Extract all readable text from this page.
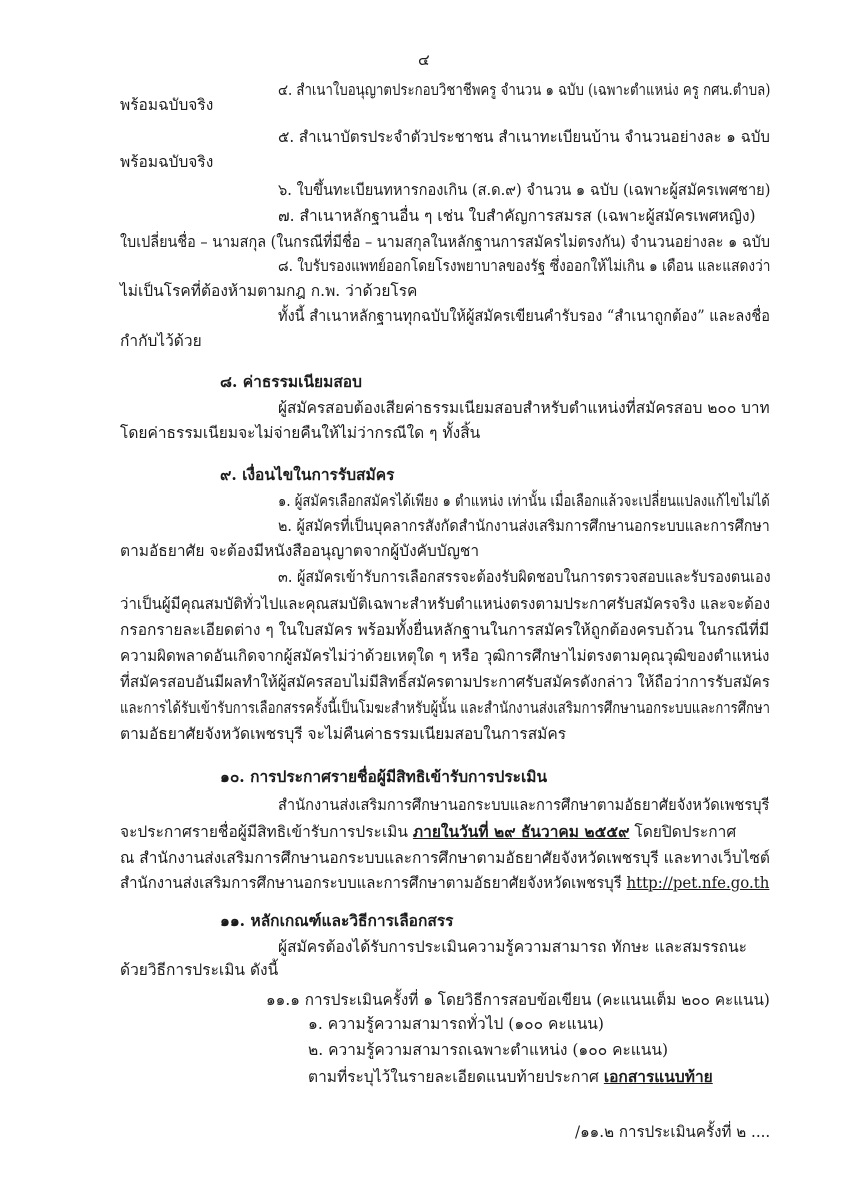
๔
๔. สำเนาใบอนุญาตประกอบวิชาชีพครู จำนวน ๑ ฉบับ (เฉพาะตำแหน่ง ครู กศน.ตำบล)
พร้อมฉบับจริง
๕. สำเนาบัตรประจำตัวประชาชน สำเนาทะเบียนบ้าน จำนวนอย่างละ ๑ ฉบับ
พร้อมฉบับจริง
๖. ใบขึ้นทะเบียนทหารกองเกิน (ส.ด.๙) จำนวน ๑ ฉบับ (เฉพาะผู้สมัครเพศชาย)
๗. สำเนาหลักฐานอื่น ๆ เช่น ใบสำคัญการสมรส (เฉพาะผู้สมัครเพศหญิง)
ใบเปลี่ยนชื่อ – นามสกุล (ในกรณีที่มีชื่อ – นามสกุลในหลักฐานการสมัครไม่ตรงกัน) จำนวนอย่างละ ๑ ฉบับ
๘. ใบรับรองแพทย์ออกโดยโรงพยาบาลของรัฐ ซึ่งออกให้ไม่เกิน ๑ เดือน และแสดงว่า
ไม่เป็นโรคที่ต้องห้ามตามกฎ ก.พ. ว่าด้วยโรค
ทั้งนี้ สำเนาหลักฐานทุกฉบับให้ผู้สมัครเขียนคำรับรอง “สำเนาถูกต้อง” และลงชื่อ
กำกับไว้ด้วย
๘. ค่าธรรมเนียมสอบ
ผู้สมัครสอบต้องเสียค่าธรรมเนียมสอบสำหรับตำแหน่งที่สมัครสอบ ๒๐๐ บาท
โดยค่าธรรมเนียมจะไม่จ่ายคืนให้ไม่ว่ากรณีใด ๆ ทั้งสิ้น
๙. เงื่อนไขในการรับสมัคร
๑. ผู้สมัครเลือกสมัครได้เพียง ๑ ตำแหน่ง เท่านั้น เมื่อเลือกแล้วจะเปลี่ยนแปลงแก้ไขไม่ได้
๒. ผู้สมัครที่เป็นบุคลากรสังกัดสำนักงานส่งเสริมการศึกษานอกระบบและการศึกษา
ตามอัธยาศัย จะต้องมีหนังสืออนุญาตจากผู้บังคับบัญชา
๓. ผู้สมัครเข้ารับการเลือกสรรจะต้องรับผิดชอบในการตรวจสอบและรับรองตนเอง
ว่าเป็นผู้มีคุณสมบัติทั่วไปและคุณสมบัติเฉพาะสำหรับตำแหน่งตรงตามประกาศรับสมัครจริง และจะต้อง
กรอกรายละเอียดต่าง ๆ ในใบสมัคร พร้อมทั้งยื่นหลักฐานในการสมัครให้ถูกต้องครบถ้วน ในกรณีที่มี
ความผิดพลาดอันเกิดจากผู้สมัครไม่ว่าด้วยเหตุใด ๆ หรือ วุฒิการศึกษาไม่ตรงตามคุณวุฒิของตำแหน่ง
ที่สมัครสอบอันมีผลทำให้ผู้สมัครสอบไม่มีสิทธิ์สมัครตามประกาศรับสมัครดังกล่าว ให้ถือว่าการรับสมัคร
และการได้รับเข้ารับการเลือกสรรครั้งนี้เป็นโมฆะสำหรับผู้นั้น และสำนักงานส่งเสริมการศึกษานอกระบบและการศึกษา
ตามอัธยาศัยจังหวัดเพชรบุรี จะไม่คืนค่าธรรมเนียมสอบในการสมัคร
๑๐. การประกาศรายชื่อผู้มีสิทธิเข้ารับการประเมิน
สำนักงานส่งเสริมการศึกษานอกระบบและการศึกษาตามอัธยาศัยจังหวัดเพชรบุรี
จะประกาศรายชื่อผู้มีสิทธิเข้ารับการประเมิน ภายในวันที่ ๒๙ ธันวาคม ๒๕๕๙ โดยปิดประกาศ
ณ สำนักงานส่งเสริมการศึกษานอกระบบและการศึกษาตามอัธยาศัยจังหวัดเพชรบุรี และทางเว็บไซต์
สำนักงานส่งเสริมการศึกษานอกระบบและการศึกษาตามอัธยาศัยจังหวัดเพชรบุรี http://pet.nfe.go.th
๑๑. หลักเกณฑ์และวิธีการเลือกสรร
ผู้สมัครต้องได้รับการประเมินความรู้ความสามารถ ทักษะ และสมรรถนะ
ด้วยวิธีการประเมิน ดังนี้
๑๑.๑ การประเมินครั้งที่ ๑ โดยวิธีการสอบข้อเขียน (คะแนนเต็ม ๒๐๐ คะแนน)
๑. ความรู้ความสามารถทั่วไป (๑๐๐ คะแนน)
๒. ความรู้ความสามารถเฉพาะตำแหน่ง (๑๐๐ คะแนน)
ตามที่ระบุไว้ในรายละเอียดแนบท้ายประกาศ เอกสารแนบท้าย
/๑๑.๒ การประเมินครั้งที่ ๒ ....
